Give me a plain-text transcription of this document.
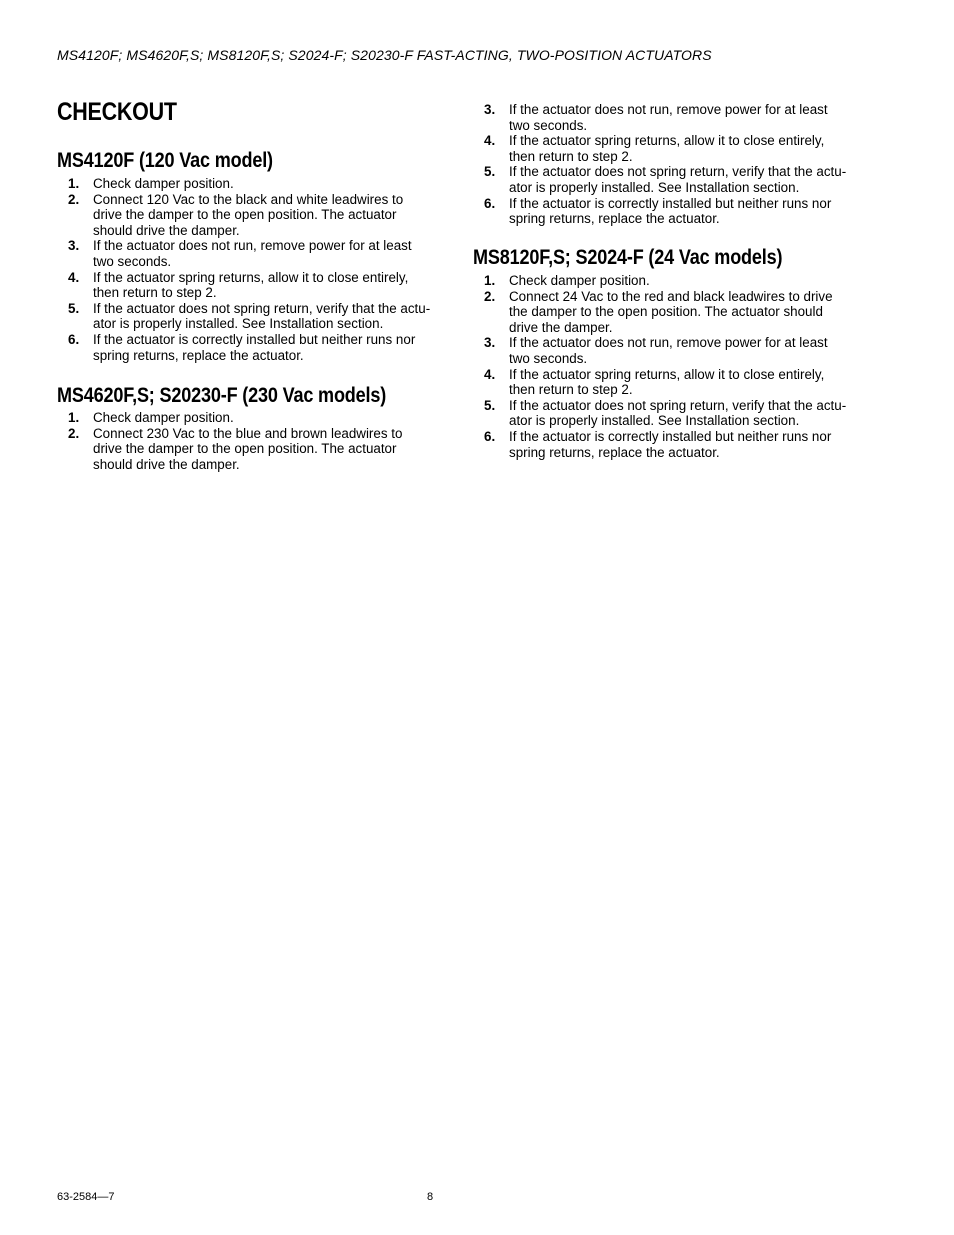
MS4120F; MS4620F,S; MS8120F,S; S2024-F; S20230-F FAST-ACTING, TWO-POSITION ACTUATORS
CHECKOUT
MS4120F (120 Vac model)
1. Check damper position.
2. Connect 120 Vac to the black and white leadwires to
drive the damper to the open position. The actuator
should drive the damper.
3. If the actuator does not run, remove power for at least
two seconds.
4. If the actuator spring returns, allow it to close entirely,
then return to step 2.
5. If the actuator does not spring return, verify that the actu-
ator is properly installed. See Installation section.
6. If the actuator is correctly installed but neither runs nor
spring returns, replace the actuator.
MS4620F,S; S20230-F (230 Vac models)
1. Check damper position.
2. Connect 230 Vac to the blue and brown leadwires to
drive the damper to the open position. The actuator
should drive the damper.
3. If the actuator does not run, remove power for at least
two seconds.
4. If the actuator spring returns, allow it to close entirely,
then return to step 2.
5. If the actuator does not spring return, verify that the actu-
ator is properly installed. See Installation section.
6. If the actuator is correctly installed but neither runs nor
spring returns, replace the actuator.
MS8120F,S; S2024-F (24 Vac models)
1. Check damper position.
2. Connect 24 Vac to the red and black leadwires to drive
the damper to the open position. The actuator should
drive the damper.
3. If the actuator does not run, remove power for at least
two seconds.
4. If the actuator spring returns, allow it to close entirely,
then return to step 2.
5. If the actuator does not spring return, verify that the actu-
ator is properly installed. See Installation section.
6. If the actuator is correctly installed but neither runs nor
spring returns, replace the actuator.
63-2584—7	8
